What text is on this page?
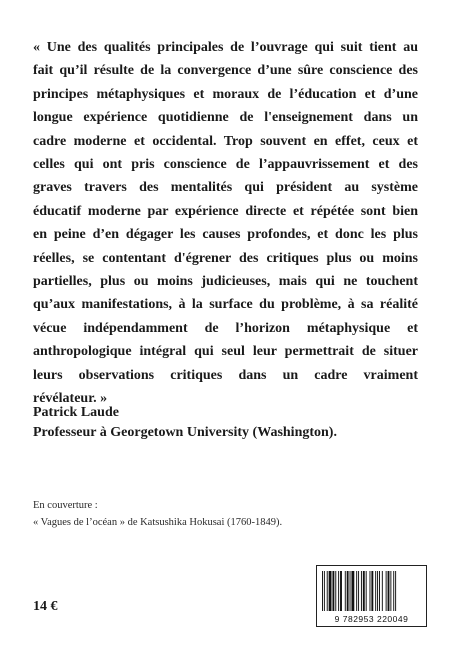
« Une des qualités principales de l’ouvrage qui suit tient au
fait qu’il résulte de la convergence d’une sûre conscience des
principes métaphysiques et moraux de l’éducation et d’une
longue expérience quotidienne de l'enseignement dans un
cadre moderne et occidental. Trop souvent en effet, ceux et
celles qui ont pris conscience de l’appauvrissement et des
graves travers des mentalités qui président au système
éducatif moderne par expérience directe et répétée sont bien
en peine d’en dégager les causes profondes, et donc les plus
réelles, se contentant d'égrener des critiques plus ou moins
partielles, plus ou moins judicieuses, mais qui ne touchent
qu’aux manifestations, à la surface du problème, à sa réalité
vécue indépendamment de l’horizon métaphysique et
anthropologique intégral qui seul leur permettrait de situer
leurs observations critiques dans un cadre vraiment
révélateur. »
Patrick Laude
Professeur à Georgetown University (Washington).
En couverture :
« Vagues de l’océan » de Katsushika Hokusai (1760-1849).
14 €
9 782953 220049
